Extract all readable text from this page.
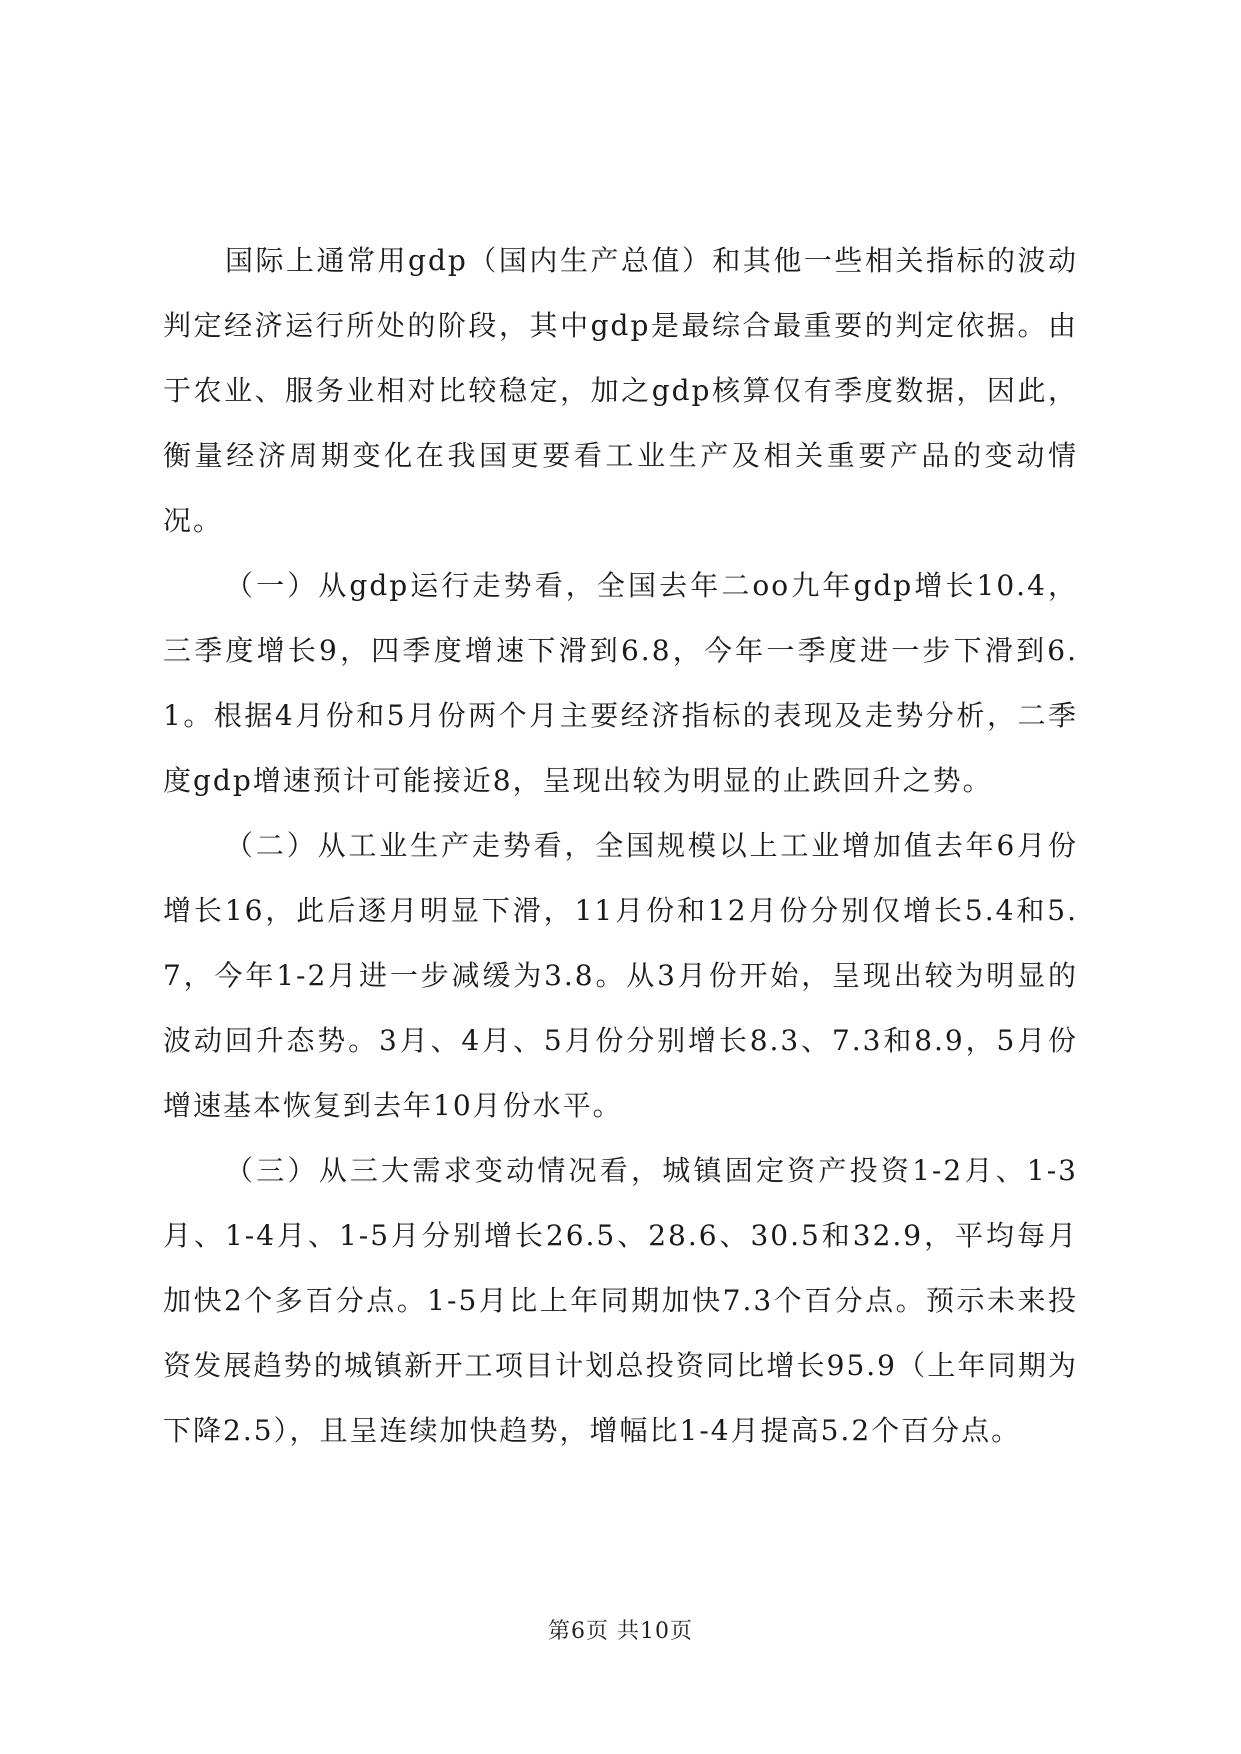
国际上通常用gdp（国内生产总值）和其他一些相关指标的波动判定经济运行所处的阶段，其中gdp是最综合最重要的判定依据。由于农业、服务业相对比较稳定，加之gdp核算仅有季度数据，因此，衡量经济周期变化在我国更要看工业生产及相关重要产品的变动情况。

（一）从gdp运行走势看，全国去年二oo九年gdp增长10.4，三季度增长9，四季度增速下滑到6.8，今年一季度进一步下滑到6.1。根据4月份和5月份两个月主要经济指标的表现及走势分析，二季度gdp增速预计可能接近8，呈现出较为明显的止跌回升之势。

（二）从工业生产走势看，全国规模以上工业增加值去年6月份增长16，此后逐月明显下滑，11月份和12月份分别仅增长5.4和5.7，今年1-2月进一步减缓为3.8。从3月份开始，呈现出较为明显的波动回升态势。3月、4月、5月份分别增长8.3、7.3和8.9，5月份增速基本恢复到去年10月份水平。

（三）从三大需求变动情况看，城镇固定资产投资1-2月、1-3月、1-4月、1-5月分别增长26.5、28.6、30.5和32.9，平均每月加快2个多百分点。1-5月比上年同期加快7.3个百分点。预示未来投资发展趋势的城镇新开工项目计划总投资同比增长95.9（上年同期为下降2.5），且呈连续加快趋势，增幅比1-4月提高5.2个百分点。

第6页 共10页
